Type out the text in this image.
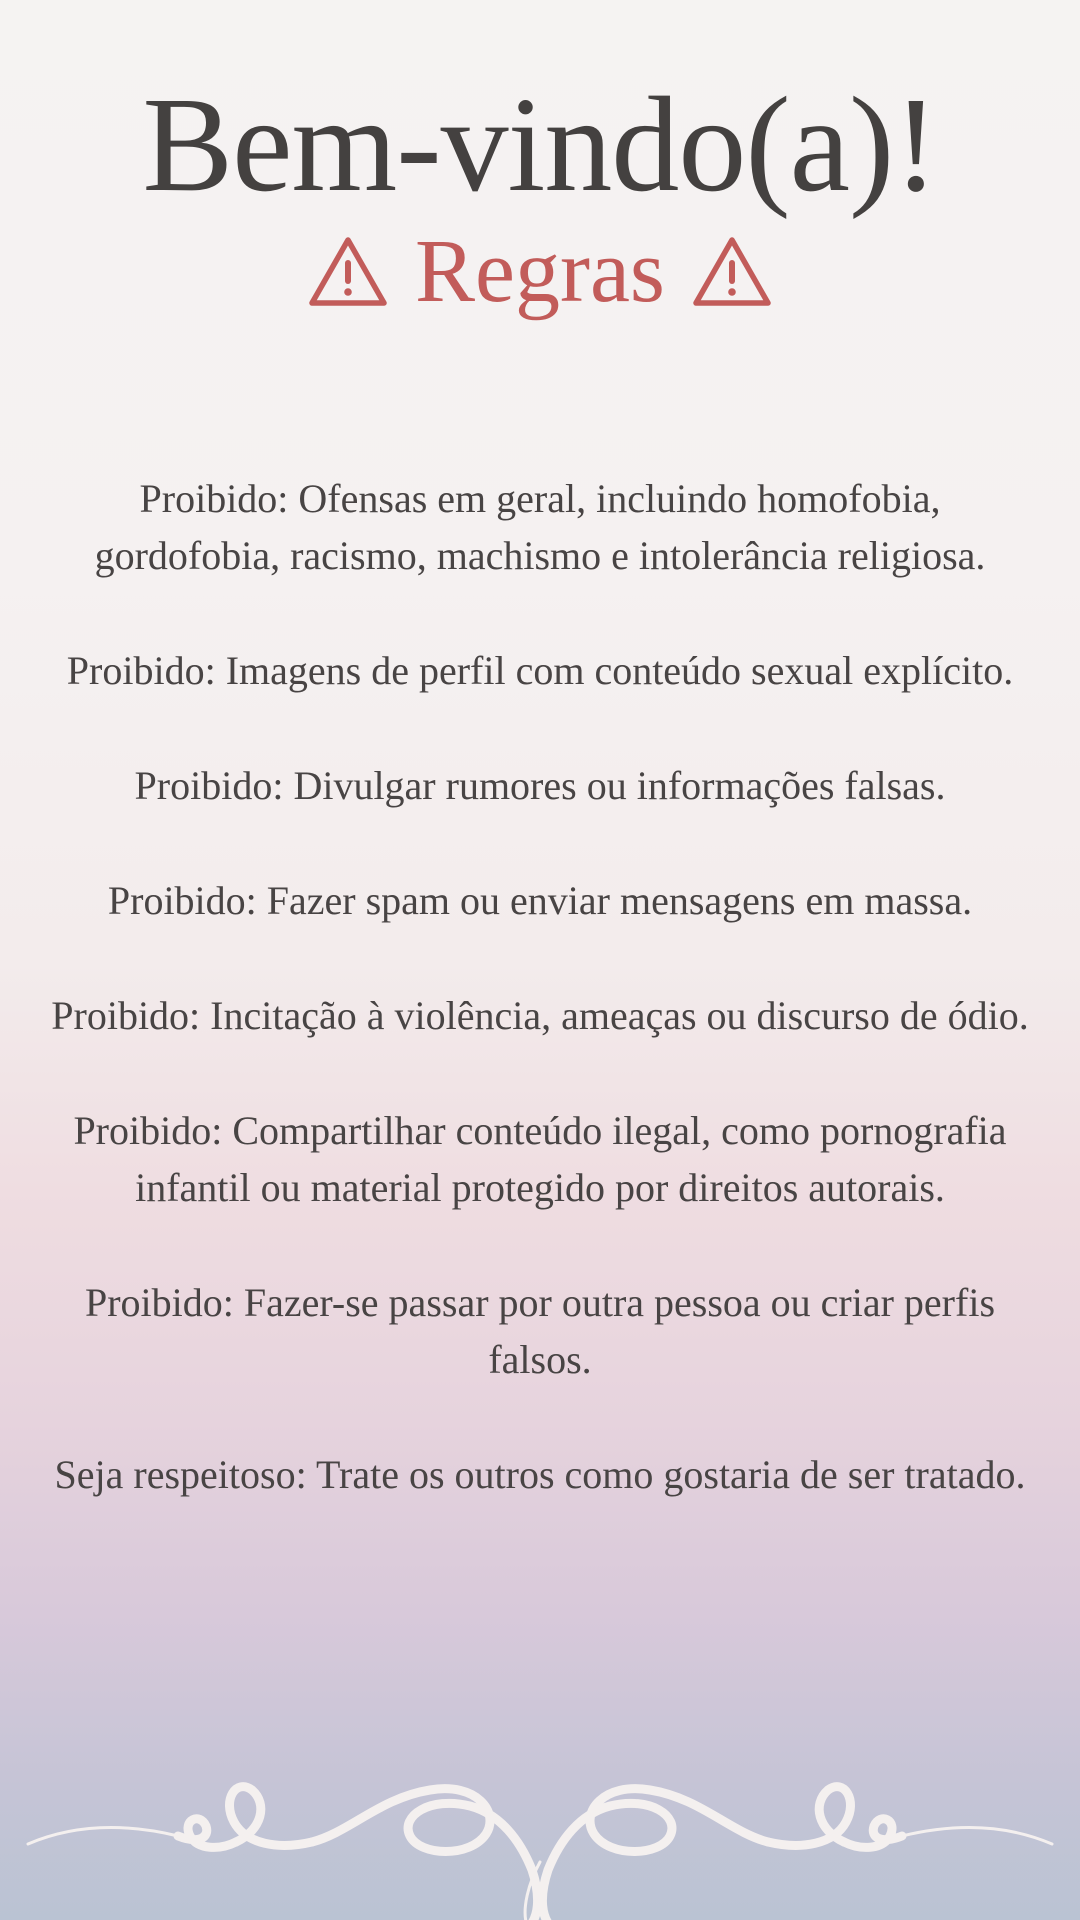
Bem-vindo(a)!
Regras
Proibido: Ofensas em geral, incluindo homofobia, gordofobia, racismo, machismo e intolerância religiosa.
Proibido: Imagens de perfil com conteúdo sexual explícito.
Proibido: Divulgar rumores ou informações falsas.
Proibido: Fazer spam ou enviar mensagens em massa.
Proibido: Incitação à violência, ameaças ou discurso de ódio.
Proibido: Compartilhar conteúdo ilegal, como pornografia infantil ou material protegido por direitos autorais.
Proibido: Fazer-se passar por outra pessoa ou criar perfis falsos.
Seja respeitoso: Trate os outros como gostaria de ser tratado.
